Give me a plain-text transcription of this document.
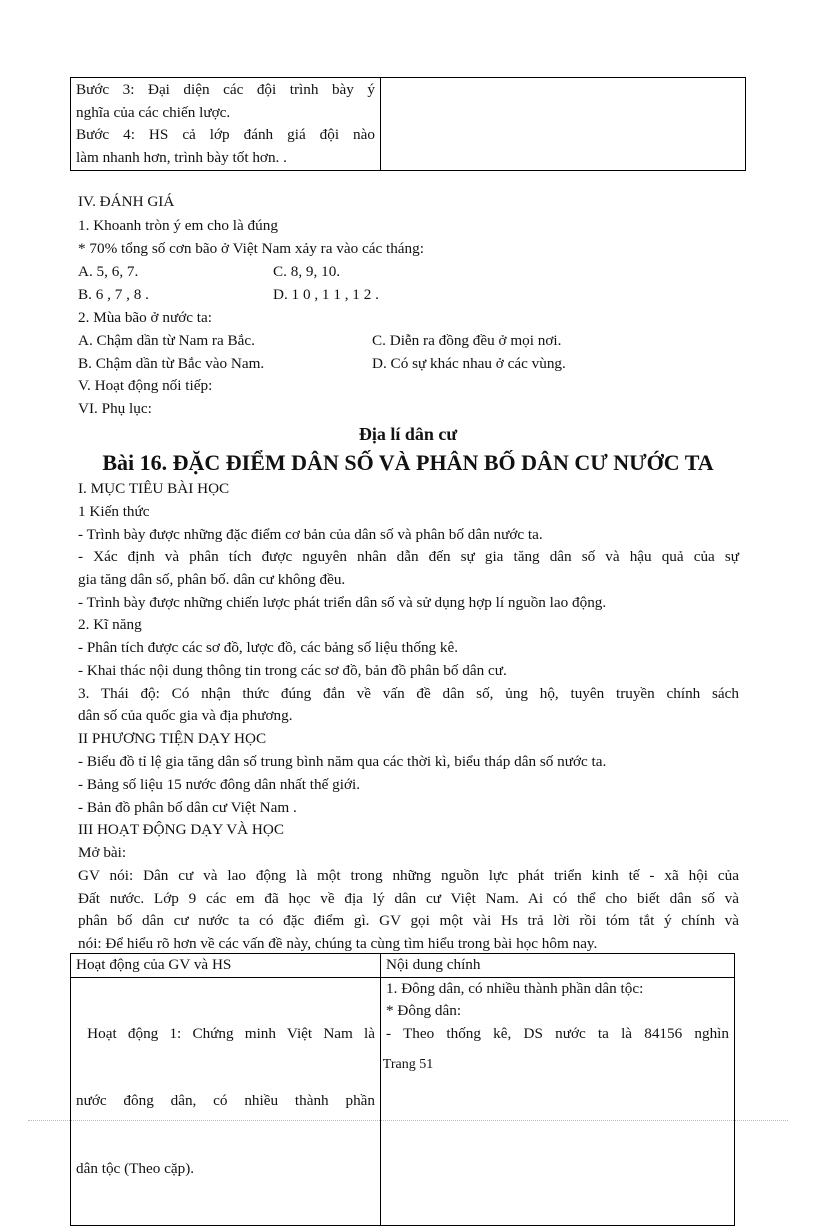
Bước 3: Đại diện các đội trình bày ý
nghĩa của các chiến lược.
Bước 4: HS cả lớp đánh giá đội nào
làm nhanh hơn, trình bày tốt hơn. .

IV. ĐÁNH GIÁ
1. Khoanh tròn ý em cho là đúng
* 70% tổng số cơn bão ở Việt Nam xảy ra vào các tháng:
A. 5, 6, 7.	C. 8, 9, 10.
B. 6 , 7 , 8 .	D. 1 0 , 1 1 , 1 2 .
2. Mùa bão ở nước ta:
A. Chậm dần từ Nam ra Bắc.	C. Diễn ra đồng đều ở mọi nơi.
B. Chậm dần từ Bắc vào Nam.	D. Có sự khác nhau ở các vùng.
V. Hoạt động nối tiếp:
VI. Phụ lục:
Địa lí dân cư
Bài 16. ĐẶC ĐIỂM DÂN SỐ VÀ PHÂN BỐ DÂN CƯ NƯỚC TA
I. MỤC TIÊU BÀI HỌC
1 Kiến thức
- Trình bày được những đặc điểm cơ bản của dân số và phân bố dân nước ta.
- Xác định và phân tích được nguyên nhân dẫn đến sự gia tăng dân số và hậu quả của sự
gia tăng dân số, phân bố. dân cư không đều.
- Trình bày được những chiến lược phát triển dân số và sử dụng hợp lí nguồn lao động.
2. Kĩ năng
- Phân tích được các sơ đồ, lược đồ, các bảng số liệu thống kê.
- Khai thác nội dung thông tin trong các sơ đồ, bản đồ phân bố dân cư.
3. Thái độ: Có nhận thức đúng đắn về vấn đề dân số, ủng hộ, tuyên truyền chính sách
dân số của quốc gia và địa phương.
II PHƯƠNG TIỆN DẠY HỌC
- Biểu đồ tỉ lệ gia tăng dân số trung bình năm qua các thời kì, biểu tháp dân số nước ta.
- Bảng số liệu 15 nước đông dân nhất thế giới.
- Bản đồ phân bố dân cư Việt Nam .
III HOẠT ĐỘNG DẠY VÀ HỌC
Mở bài:
GV nói: Dân cư và lao động là một trong những nguồn lực phát triển kinh tế - xã hội của
Đất nước. Lớp 9 các em đã học về địa lý dân cư Việt Nam. Ai có thể cho biết dân số và
phân bố dân cư nước ta có đặc điểm gì. GV gọi một vài Hs trả lời rồi tóm tắt ý chính và
nói: Để hiểu rõ hơn về các vấn đề này, chúng ta cùng tìm hiểu trong bài học hôm nay.
Hoạt động của GV và HS	Nội dung chính

Hoạt động 1: Chứng minh Việt Nam là

nước đông dân, có nhiều thành phần

dân tộc (Theo cặp).	1. Đông dân, có nhiều thành phần dân tộc:
* Đông dân:
- Theo thống kê, DS nước ta là 84156 nghìn
Trang 51
